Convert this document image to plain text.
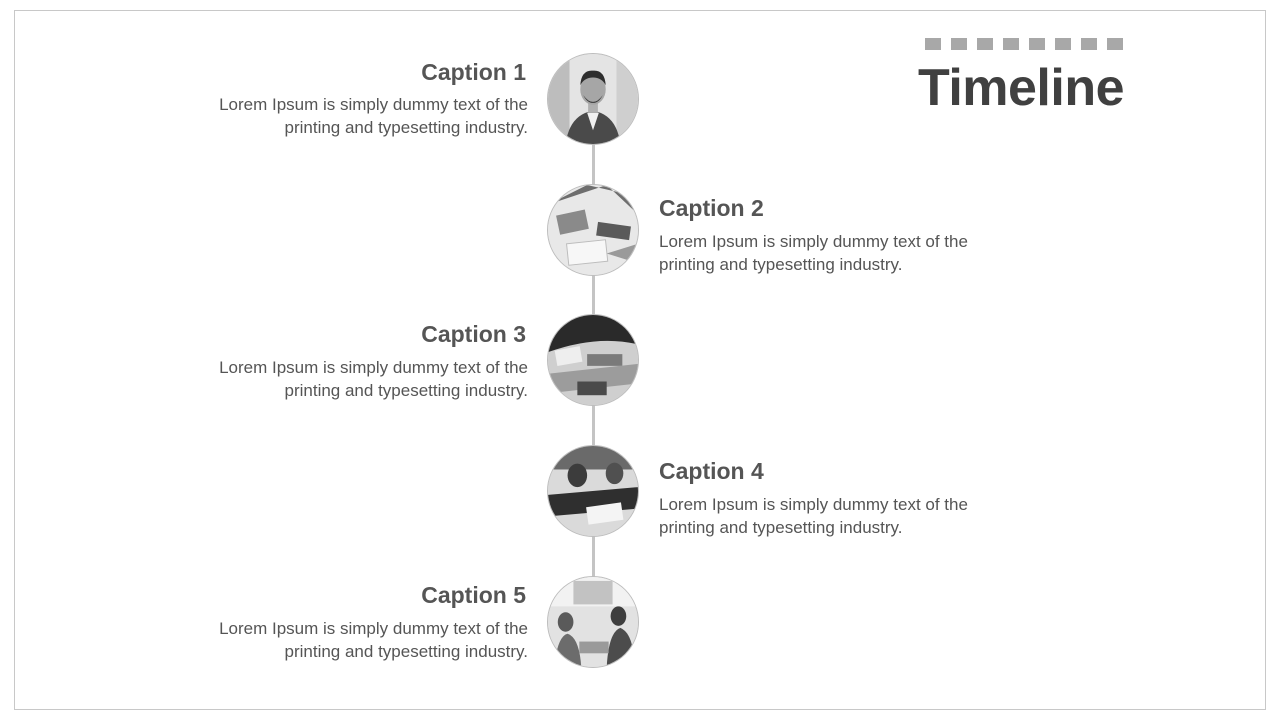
Timeline
Caption 1
Lorem Ipsum is simply dummy text of the printing and typesetting industry.
Caption 2
Lorem Ipsum is simply dummy text of the printing and typesetting industry.
Caption 3
Lorem Ipsum is simply dummy text of the printing and typesetting industry.
Caption 4
Lorem Ipsum is simply dummy text of the printing and typesetting industry.
Caption 5
Lorem Ipsum is simply dummy text of the printing and typesetting industry.
